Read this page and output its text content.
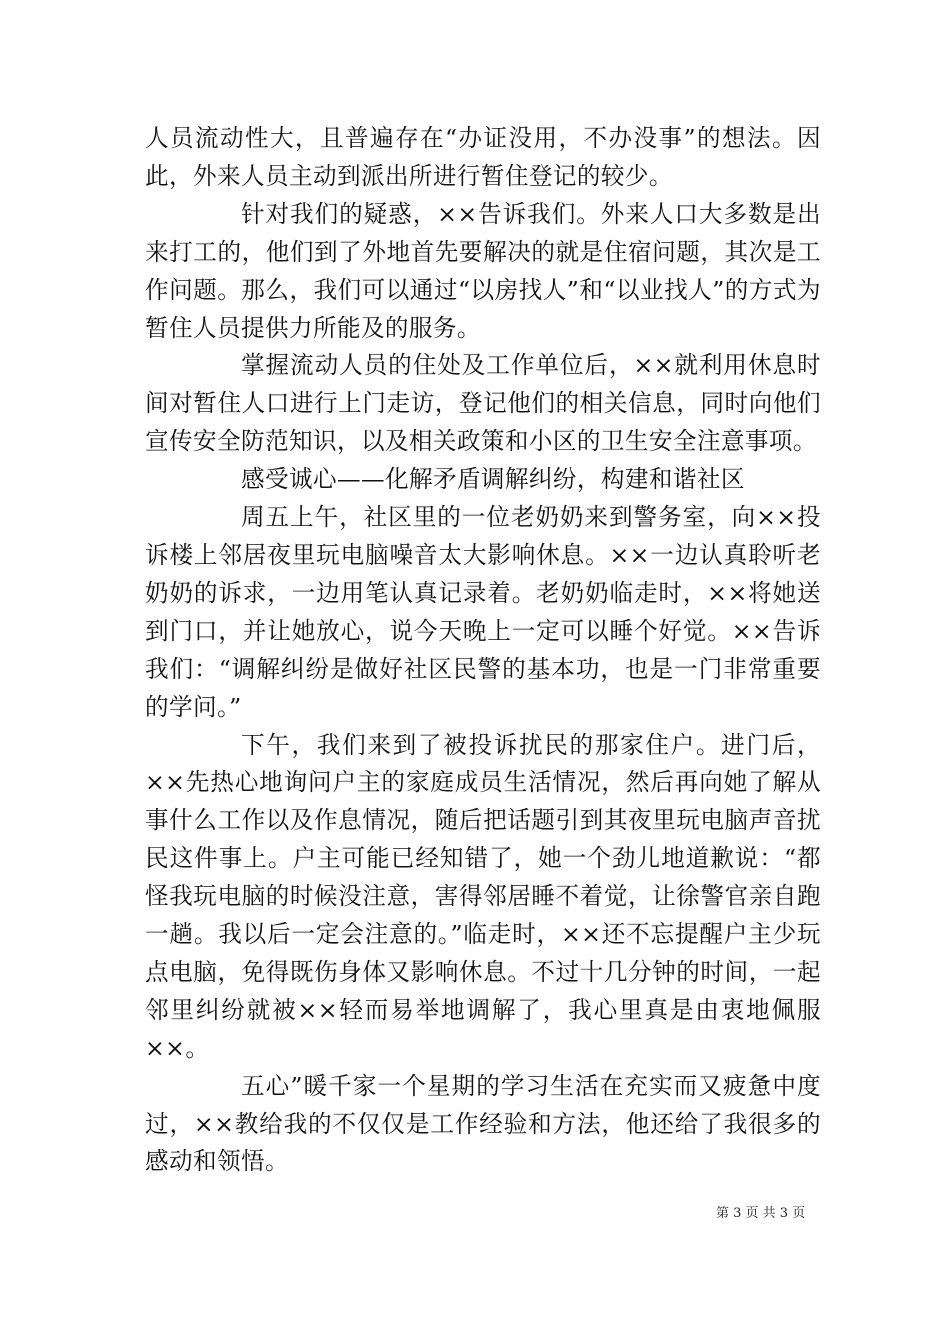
人员流动性大，且普遍存在“办证没用，不办没事”的想法。因此，外来人员主动到派出所进行暂住登记的较少。

针对我们的疑惑，××告诉我们。外来人口大多数是出来打工的，他们到了外地首先要解决的就是住宿问题，其次是工作问题。那么，我们可以通过“以房找人”和“以业找人”的方式为暂住人员提供力所能及的服务。

掌握流动人员的住处及工作单位后，××就利用休息时间对暂住人口进行上门走访，登记他们的相关信息，同时向他们宣传安全防范知识，以及相关政策和小区的卫生安全注意事项。

感受诚心——化解矛盾调解纠纷，构建和谐社区

周五上午，社区里的一位老奶奶来到警务室，向××投诉楼上邻居夜里玩电脑噪音太大影响休息。××一边认真聆听老奶奶的诉求，一边用笔认真记录着。老奶奶临走时，××将她送到门口，并让她放心，说今天晚上一定可以睡个好觉。××告诉我们：“调解纠纷是做好社区民警的基本功，也是一门非常重要的学问。”

下午，我们来到了被投诉扰民的那家住户。进门后，××先热心地询问户主的家庭成员生活情况，然后再向她了解从事什么工作以及作息情况，随后把话题引到其夜里玩电脑声音扰民这件事上。户主可能已经知错了，她一个劲儿地道歉说：“都怪我玩电脑的时候没注意，害得邻居睡不着觉，让徐警官亲自跑一趟。我以后一定会注意的。”临走时，××还不忘提醒户主少玩点电脑，免得既伤身体又影响休息。不过十几分钟的时间，一起邻里纠纷就被××轻而易举地调解了，我心里真是由衷地佩服××。

五心”暖千家一个星期的学习生活在充实而又疲惫中度过，××教给我的不仅仅是工作经验和方法，他还给了我很多的感动和领悟。

第 3 页 共 3 页
